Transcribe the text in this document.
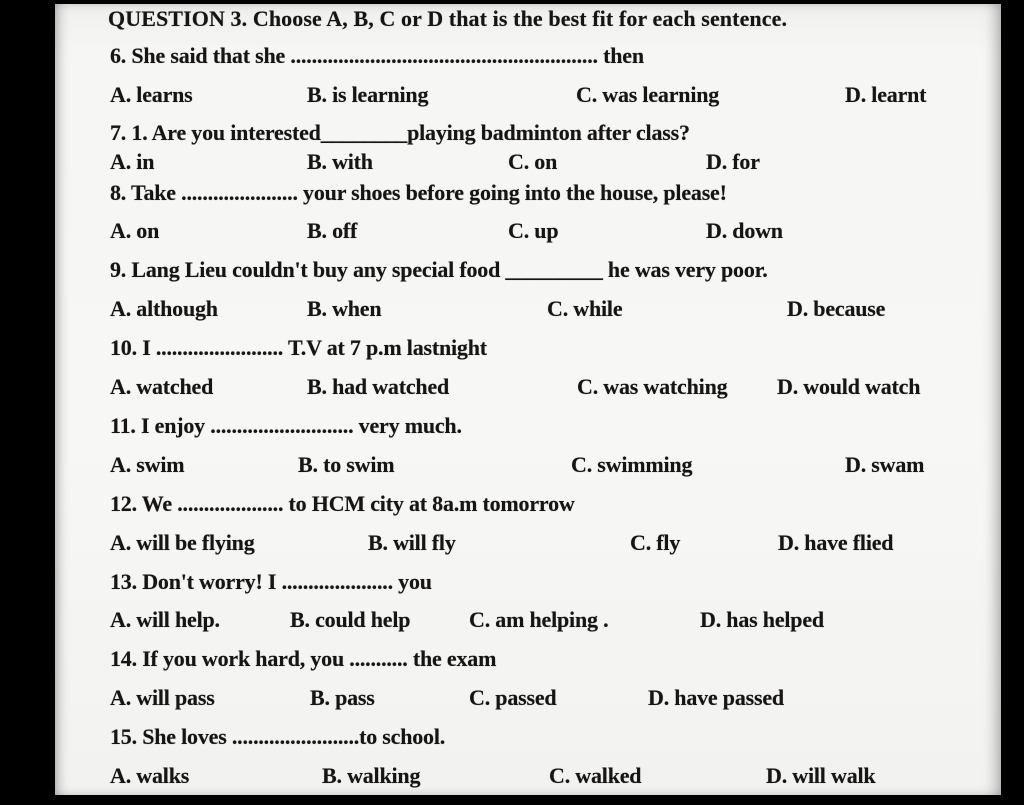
QUESTION 3. Choose A, B, C or D that is the best fit for each sentence.
6. She said that she .......................................................... then
A. learns	B. is learning	C. was learning	D. learnt
7. 1. Are you interested________playing badminton after class?
A. in	B. with	C. on	D. for
8. Take ...................... your shoes before going into the house, please!
A. on	B. off	C. up	D. down
9. Lang Lieu couldn't buy any special food _________ he was very poor.
A. although	B. when	C. while	D. because
10. I ........................ T.V at 7 p.m lastnight
A. watched	B. had watched	C. was watching D. would watch
11. I enjoy ........................... very much.
A. swim	B. to swim	C. swimming	D. swam
12. We .................... to HCM city at 8a.m tomorrow
A. will be flying	B. will fly	C. fly	D. have flied
13. Don't worry! I ..................... you
A. will help.	B. could help	C. am helping .	D. has helped
14. If you work hard, you ........... the exam
A. will pass	B. pass	C. passed	D. have passed
15. She loves ........................to school.
A. walks	B. walking	C. walked	D. will walk
